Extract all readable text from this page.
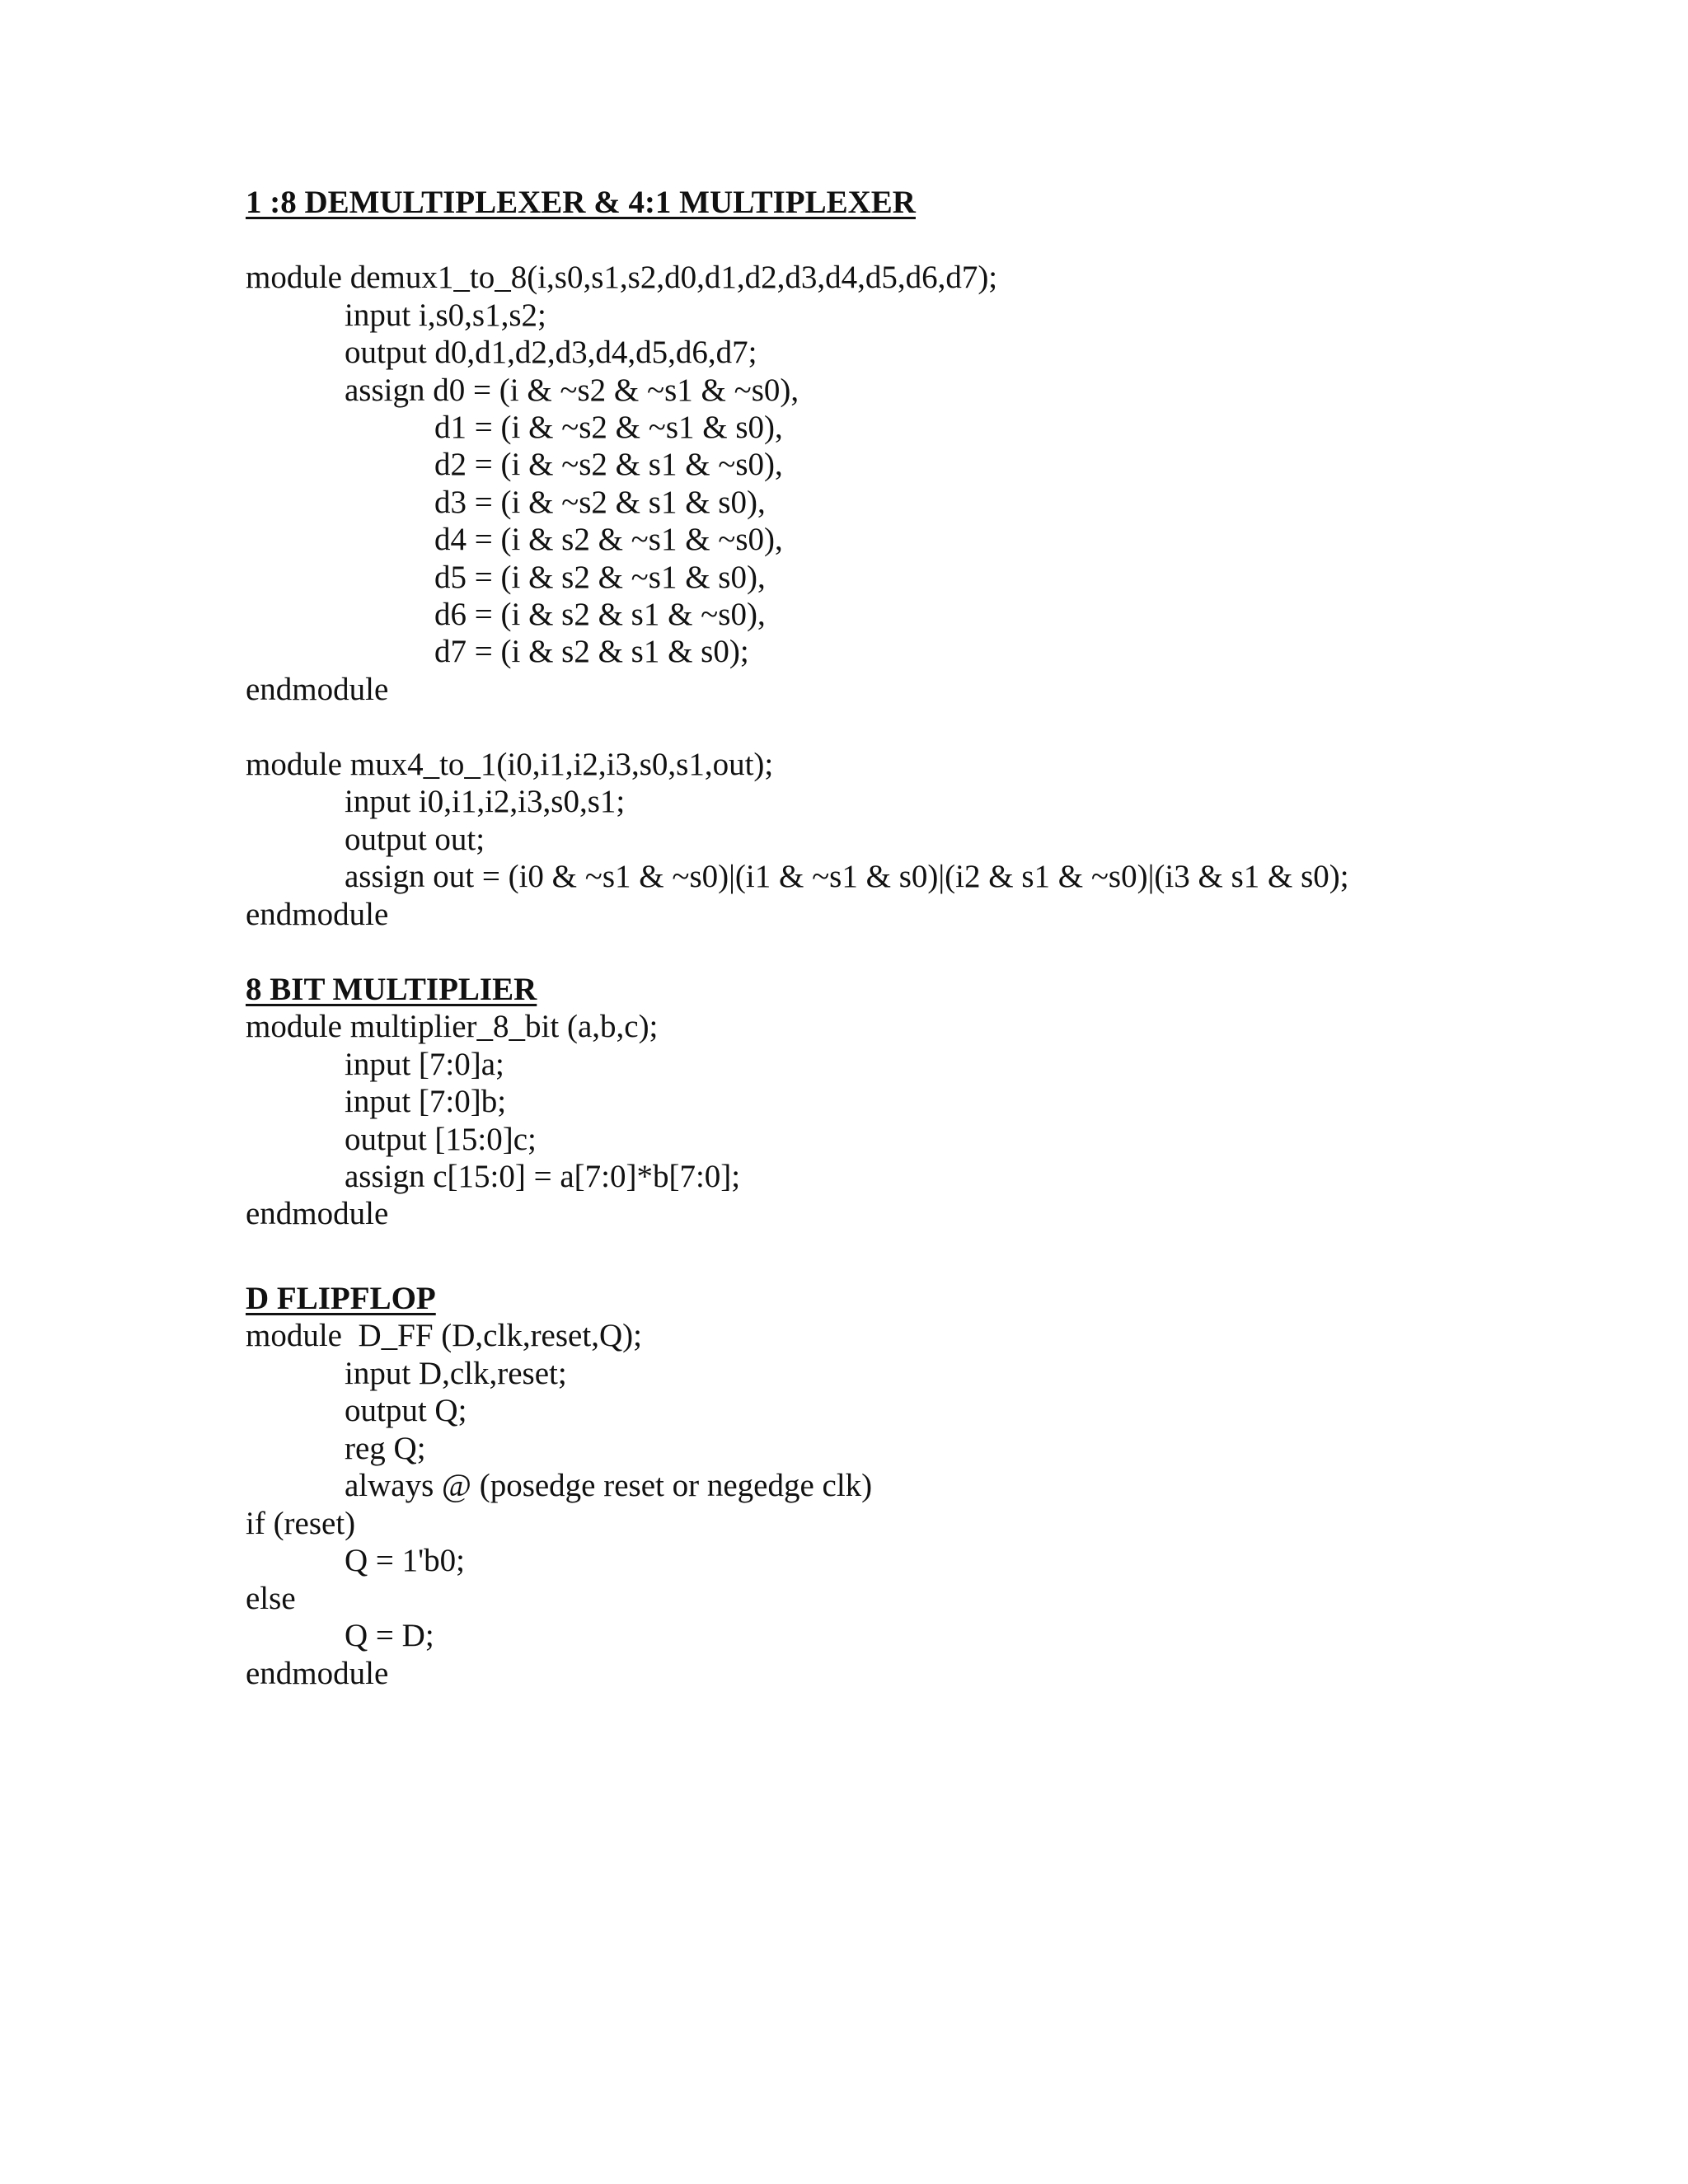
1 :8 DEMULTIPLEXER & 4:1 MULTIPLEXER
module demux1_to_8(i,s0,s1,s2,d0,d1,d2,d3,d4,d5,d6,d7);
input i,s0,s1,s2;
output d0,d1,d2,d3,d4,d5,d6,d7;
assign d0 = (i & ~s2 & ~s1 & ~s0),
d1 = (i & ~s2 & ~s1 & s0),
d2 = (i & ~s2 & s1 & ~s0),
d3 = (i & ~s2 & s1 & s0),
d4 = (i & s2 & ~s1 & ~s0),
d5 = (i & s2 & ~s1 & s0),
d6 = (i & s2 & s1 & ~s0),
d7 = (i & s2 & s1 & s0);
endmodule
module mux4_to_1(i0,i1,i2,i3,s0,s1,out);
input i0,i1,i2,i3,s0,s1;
output out;
assign out = (i0 & ~s1 & ~s0)|(i1 & ~s1 & s0)|(i2 & s1 & ~s0)|(i3 & s1 & s0);
endmodule
8 BIT MULTIPLIER
module multiplier_8_bit (a,b,c);
input [7:0]a;
input [7:0]b;
output [15:0]c;
assign c[15:0] = a[7:0]*b[7:0];
endmodule
D FLIPFLOP
module  D_FF (D,clk,reset,Q);
input D,clk,reset;
output Q;
reg Q;
always @ (posedge reset or negedge clk)
if (reset)
Q = 1'b0;
else
Q = D;
endmodule
